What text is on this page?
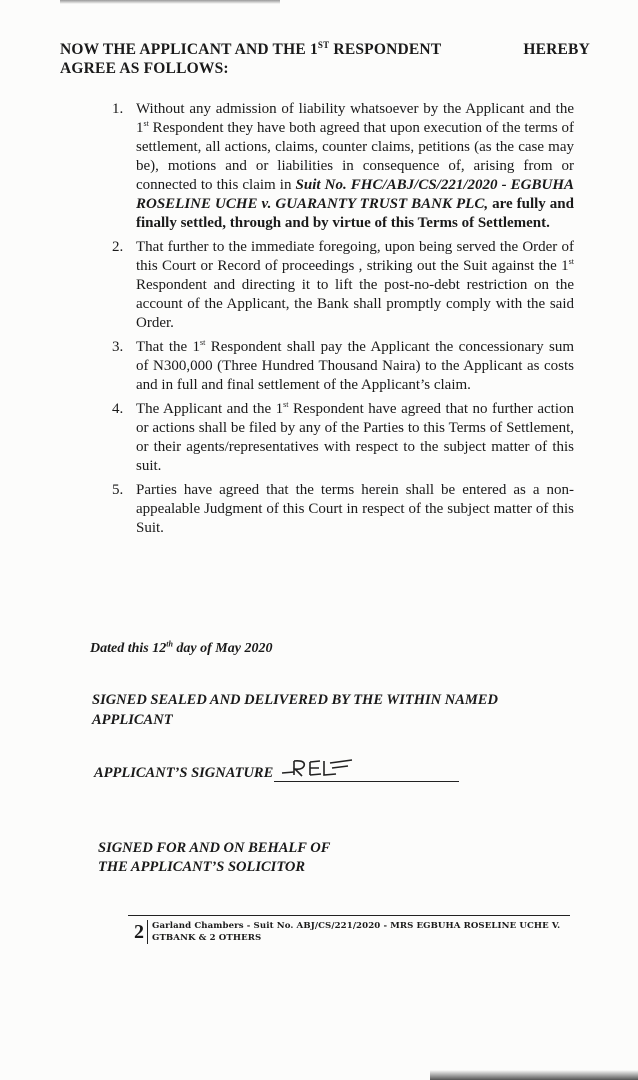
NOW THE APPLICANT AND THE 1ST RESPONDENT	HEREBY
AGREE AS FOLLOWS:
1. Without any admission of liability whatsoever by the Applicant and the 1st Respondent they have both agreed that upon execution of the terms of settlement, all actions, claims, counter claims, petitions (as the case may be), motions and or liabilities in consequence of, arising from or connected to this claim in Suit No. FHC/ABJ/CS/221/2020 - EGBUHA ROSELINE UCHE v. GUARANTY TRUST BANK PLC, are fully and finally settled, through and by virtue of this Terms of Settlement.
2. That further to the immediate foregoing, upon being served the Order of this Court or Record of proceedings , striking out the Suit against the 1st Respondent and directing it to lift the post-no-debt restriction on the account of the Applicant, the Bank shall promptly comply with the said Order.
3. That the 1st Respondent shall pay the Applicant the concessionary sum of N300,000 (Three Hundred Thousand Naira) to the Applicant as costs and in full and final settlement of the Applicant’s claim.
4. The Applicant and the 1st Respondent have agreed that no further action or actions shall be filed by any of the Parties to this Terms of Settlement, or their agents/representatives with respect to the subject matter of this suit.
5. Parties have agreed that the terms herein shall be entered as a non-appealable Judgment of this Court in respect of the subject matter of this Suit.
Dated this 12th day of May 2020
SIGNED SEALED AND DELIVERED BY THE WITHIN NAMED
APPLICANT
APPLICANT’S SIGNATURE
SIGNED FOR AND ON BEHALF OF
THE APPLICANT’S SOLICITOR
2 Garland Chambers - Suit No. ABJ/CS/221/2020 - MRS EGBUHA ROSELINE UCHE V.
GTBANK & 2 OTHERS
